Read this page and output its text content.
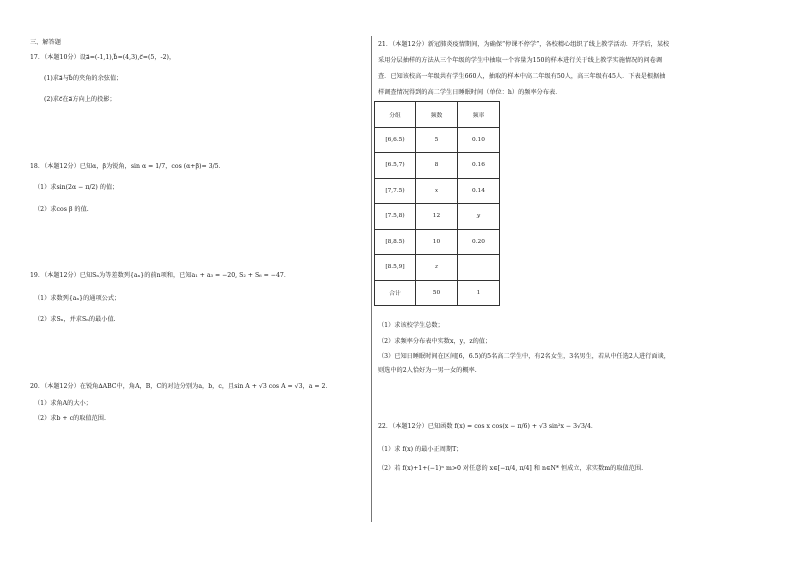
三、解答题
17．（本题10分）设a⃗=(-1,1),b⃗=(4,3),c⃗=(5，-2)，
(1)求a⃗与b⃗的夹角的余弦值；
(2)求c⃗在a⃗方向上的投影；
18．（本题12分）已知α，β为锐角，sin α = 1/7，cos (α+β)= 3/5．
（1）求sin(2α − π/2) 的值；
（2）求cos β 的值.
19．（本题12分）已知Sₙ为等差数列{aₙ}的前n项和，已知a₁ + a₃ = −20, S₂ + S₆ = −47．
（1）求数列{aₙ}的通项公式；
（2）求Sₙ，并求Sₙ的最小值.
20．（本题12分）在锐角∆ABC中，角A，B，C的对边分别为a，b，c，且sin A + √3 cos A = √3，a = 2．
（1）求角A的大小；
（2）求b + c的取值范围.
21．（本题12分）新冠肺炎疫情期间，为确保“停课不停学”，各校精心组织了线上教学活动．开学后，某校
采用分层抽样的方法从三个年级的学生中抽取一个容量为150的样本进行关于线上教学实施情况的问卷调
查．已知该校高一年级共有学生660人，抽取的样本中高二年级有50人，高三年级有45人．下表是根据抽
样调查情况得到的高二学生日睡眠时间（单位：h）的频率分布表．
分组	频数	频率
[6,6.5)	5	0.10
[6.5,7)	8	0.16
[7,7.5)	x	0.14
[7.5,8)	12	y
[8,8.5)	10	0.20
[8.5,9]	z	
合计	50	1
（1）求该校学生总数；
（2）求频率分布表中实数x，y，z的值；
（3）已知日睡眠时间在区间[6，6.5)的5名高二学生中，有2名女生，3名男生，若从中任选2人进行面谈，
则选中的2人恰好为一男一女的概率.
22．（本题12分）已知函数 f(x) = cos x cos(x − π/6) + √3 sin²x − 3√3/4．
（1）求 f(x) 的最小正周期T；
（2）若 f(x)+1+(−1)ⁿ m>0 对任意的 x∈[−π/4, π/4] 和 n∈N* 恒成立，求实数m的取值范围.
